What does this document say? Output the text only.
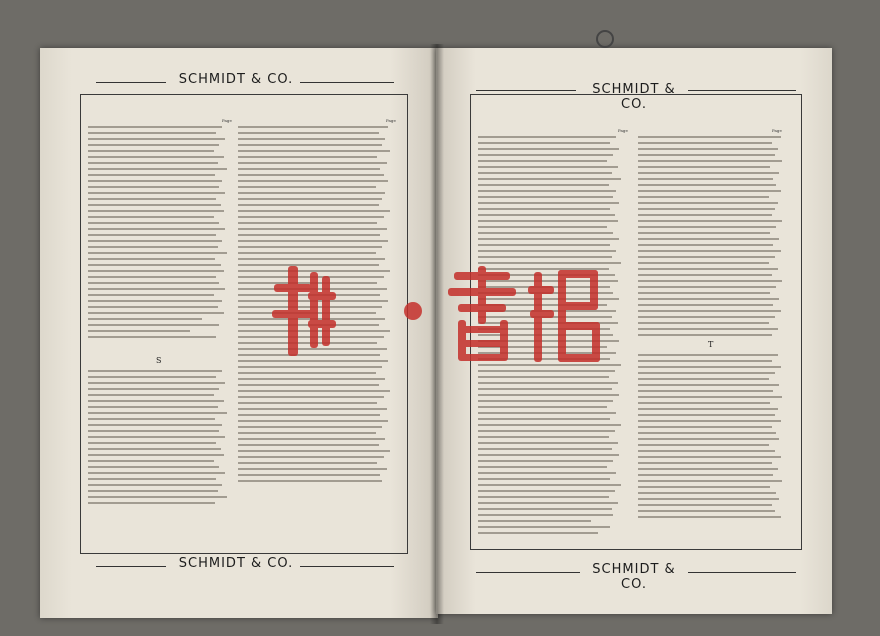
SCHMIDT & CO.
Page	Page
S
SCHMIDT & CO.
SCHMIDT & CO.
Page	Page
T
SCHMIDT & CO.
